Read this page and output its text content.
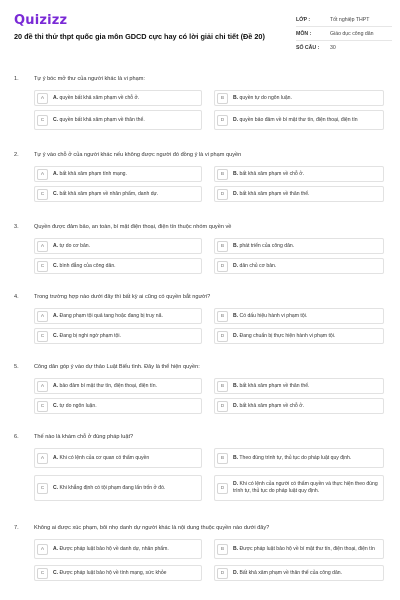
Quizizz
20 đề thi thử thpt quốc gia môn GDCD cực hay có lời giải chi tiết (Đề 20)
LỚP :	Tốt nghiệp THPT
MÔN :	Giáo dục công dân
SỐ CÂU :	30
1.	Tự ý bóc mở thư của người khác là vi phạm:
A	A. quyền bất khả xâm phạm về chỗ ở.	B	B. quyền tự do ngôn luận.
C	C. quyền bất khả xâm phạm về thân thể.	D	D. quyền bảo đảm về bí mật thư tín, điện thoại, điện tín
2.	Tự ý vào chỗ ở của người khác nếu không được người đó đồng ý là vi phạm quyền
A	A. bất khả xâm phạm tính mạng.	B	B. bất khả xâm phạm về chỗ ở.
C	C. bất khả xâm phạm về nhân phẩm, danh dự.	D	D. bất khả xâm phạm về thân thể.
3.	Quyền được đảm bảo, an toàn, bí mật điện thoại, điện tín thuộc nhóm quyền về
A	A. tự do cơ bản.	B	B. phát triển của công dân.
C	C. bình đẳng của công dân.	D	D. dân chủ cơ bản.
4.	Trong trường hợp nào dưới đây thì bất kỳ ai cũng có quyền bắt người?
A	A. Đang phạm tội quả tang hoặc đang bị truy nã.	B	B. Có dấu hiệu hành vi phạm tội.
C	C. Đang bị nghi ngờ phạm tội.	D	D. Đang chuẩn bị thực hiện hành vi phạm tội.
5.	Công dân góp ý vào dự thảo Luật Biểu tình. Đây là thể hiện quyền:
A	A. bảo đảm bí mật thư tín, điện thoại, điện tín.	B	B. bất khả xâm phạm về thân thể.
C	C. tự do ngôn luận.	D	D. bất khả xâm phạm về chỗ ở.
6.	Thế nào là khám chỗ ở đúng pháp luật?
A	A. Khi có lệnh của cơ quan có thẩm quyền	B	B. Theo đúng trình tự, thủ tục do pháp luật quy định.
C	C. Khi khẳng định có tội phạm đang lẩn trốn ở đó.	D
D. Khi có lệnh của người có thẩm quyền và thực hiện theo đúng trình tự, thủ tục do pháp luật quy định.
7.	Không ai được xúc phạm, bôi nhọ danh dự người khác là nội dung thuộc quyền nào dưới đây?
A	A. Được pháp luật bảo hộ về danh dự, nhân phẩm.	B	B. Được pháp luật bảo hộ về bí mật thư tín, điện thoại, điện tín
C	C. Được pháp luật bảo hộ về tính mạng, sức khỏe	D	D. Bất khả xâm phạm về thân thể của công dân.
